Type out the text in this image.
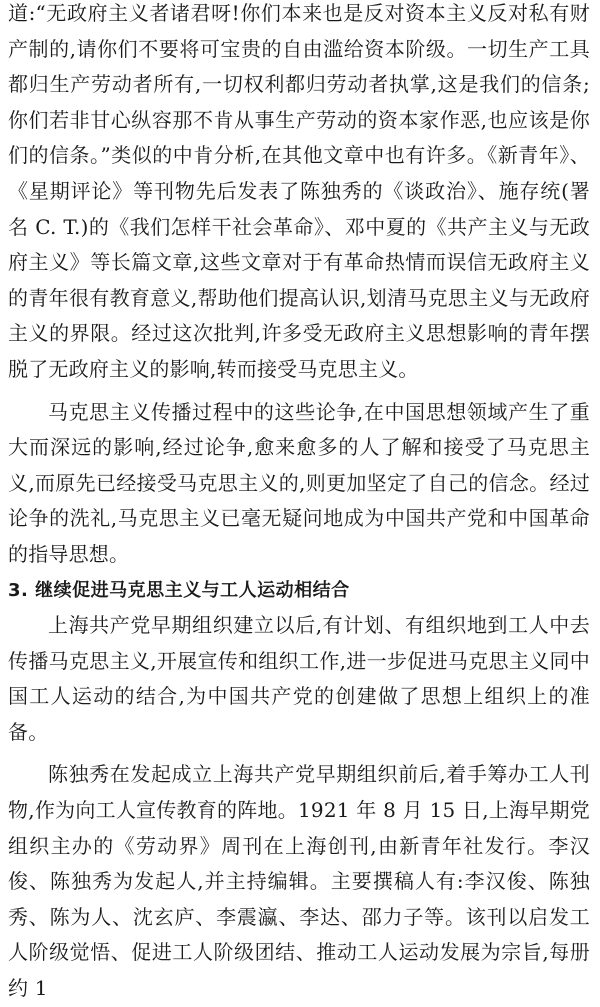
道:“无政府主义者诸君呀!你们本来也是反对资本主义反对私有财产制的,请你们不要将可宝贵的自由滥给资本阶级。一切生产工具都归生产劳动者所有,一切权利都归劳动者执掌,这是我们的信条;你们若非甘心纵容那不肯从事生产劳动的资本家作恶,也应该是你们的信条。”类似的中肯分析,在其他文章中也有许多。《新青年》、《星期评论》等刊物先后发表了陈独秀的《谈政治》、施存统(署名 C. T.)的《我们怎样干社会革命》、邓中夏的《共产主义与无政府主义》等长篇文章,这些文章对于有革命热情而误信无政府主义的青年很有教育意义,帮助他们提高认识,划清马克思主义与无政府主义的界限。经过这次批判,许多受无政府主义思想影响的青年摆脱了无政府主义的影响,转而接受马克思主义。

马克思主义传播过程中的这些论争,在中国思想领域产生了重大而深远的影响,经过论争,愈来愈多的人了解和接受了马克思主义,而原先已经接受马克思主义的,则更加坚定了自己的信念。经过论争的洗礼,马克思主义已毫无疑问地成为中国共产党和中国革命的指导思想。

3. 继续促进马克思主义与工人运动相结合

上海共产党早期组织建立以后,有计划、有组织地到工人中去传播马克思主义,开展宣传和组织工作,进一步促进马克思主义同中国工人运动的结合,为中国共产党的创建做了思想上组织上的准备。

陈独秀在发起成立上海共产党早期组织前后,着手筹办工人刊物,作为向工人宣传教育的阵地。1921 年 8 月 15 日,上海早期党组织主办的《劳动界》周刊在上海创刊,由新青年社发行。李汉俊、陈独秀为发起人,并主持编辑。主要撰稿人有:李汉俊、陈独秀、陈为人、沈玄庐、李震瀛、李达、邵力子等。该刊以启发工人阶级觉悟、促进工人阶级团结、推动工人运动发展为宗旨,每册约 1
